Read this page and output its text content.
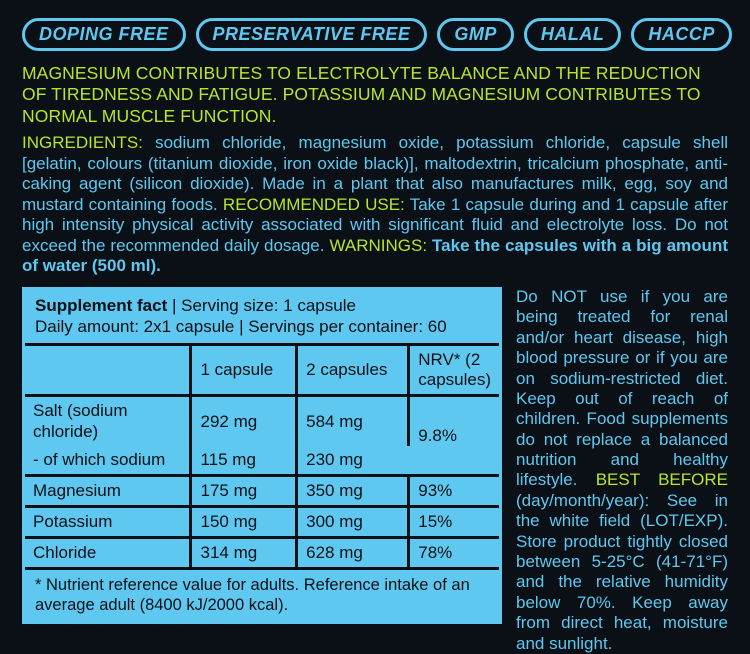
DOPING FREE	PRESERVATIVE FREE	GMP	HALAL	HACCP
MAGNESIUM CONTRIBUTES TO ELECTROLYTE BALANCE AND THE REDUCTION OF TIREDNESS AND FATIGUE. POTASSIUM AND MAGNESIUM CONTRIBUTES TO NORMAL MUSCLE FUNCTION.
INGREDIENTS: sodium chloride, magnesium oxide, potassium chloride, capsule shell [gelatin, colours (titanium dioxide, iron oxide black)], maltodextrin, tricalcium phosphate, anti-caking agent (silicon dioxide). Made in a plant that also manufactures milk, egg, soy and mustard containing foods. RECOMMENDED USE: Take 1 capsule during and 1 capsule after high intensity physical activity associated with significant fluid and electrolyte loss. Do not exceed the recommended daily dosage. WARNINGS: Take the capsules with a big amount of water (500 ml).
Supplement fact | Serving size: 1 capsule
Daily amount: 2x1 capsule | Servings per container: 60
	1 capsule	2 capsules	NRV* (2 capsules)
Salt (sodium chloride)	292 mg	584 mg	9.8%
- of which sodium	115 mg	230 mg	
Magnesium	175 mg	350 mg	93%
Potassium	150 mg	300 mg	15%
Chloride	314 mg	628 mg	78%
* Nutrient reference value for adults. Reference intake of an average adult (8400 kJ/2000 kcal).
Do NOT use if you are being treated for renal and/or heart disease, high blood pressure or if you are on sodium-restricted diet. Keep out of reach of children. Food supplements do not replace a balanced nutrition and healthy lifestyle. BEST BEFORE (day/month/year): See in the white field (LOT/EXP). Store product tightly closed between 5-25°C (41-71°F) and the relative humidity below 70%. Keep away from direct heat, moisture and sunlight.
